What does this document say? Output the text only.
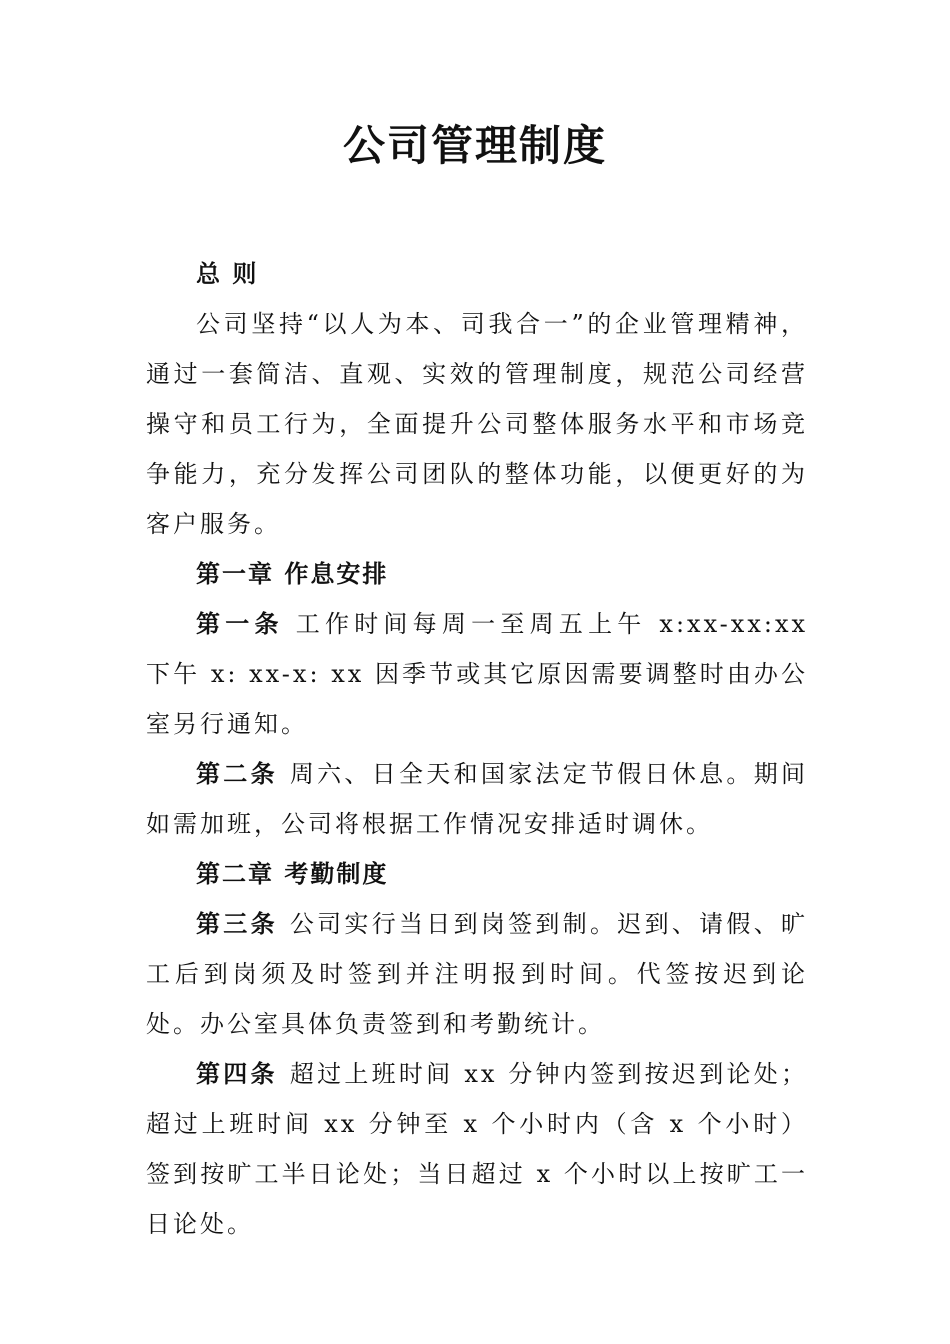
公司管理制度
总 则

公司坚持“以人为本、司我合一”的企业管理精神，通过一套简洁、直观、实效的管理制度，规范公司经营操守和员工行为，全面提升公司整体服务水平和市场竞争能力，充分发挥公司团队的整体功能，以便更好的为客户服务。

第一章 作息安排

第一条 工作时间每周一至周五上午 x:xx-xx:xx 下午 x: xx-x: xx 因季节或其它原因需要调整时由办公室另行通知。

第二条 周六、日全天和国家法定节假日休息。期间如需加班，公司将根据工作情况安排适时调休。

第二章 考勤制度

第三条 公司实行当日到岗签到制。迟到、请假、旷工后到岗须及时签到并注明报到时间。代签按迟到论处。办公室具体负责签到和考勤统计。

第四条 超过上班时间 xx 分钟内签到按迟到论处；超过上班时间 xx 分钟至 x 个小时内（含 x 个小时）签到按旷工半日论处；当日超过 x 个小时以上按旷工一日论处。
